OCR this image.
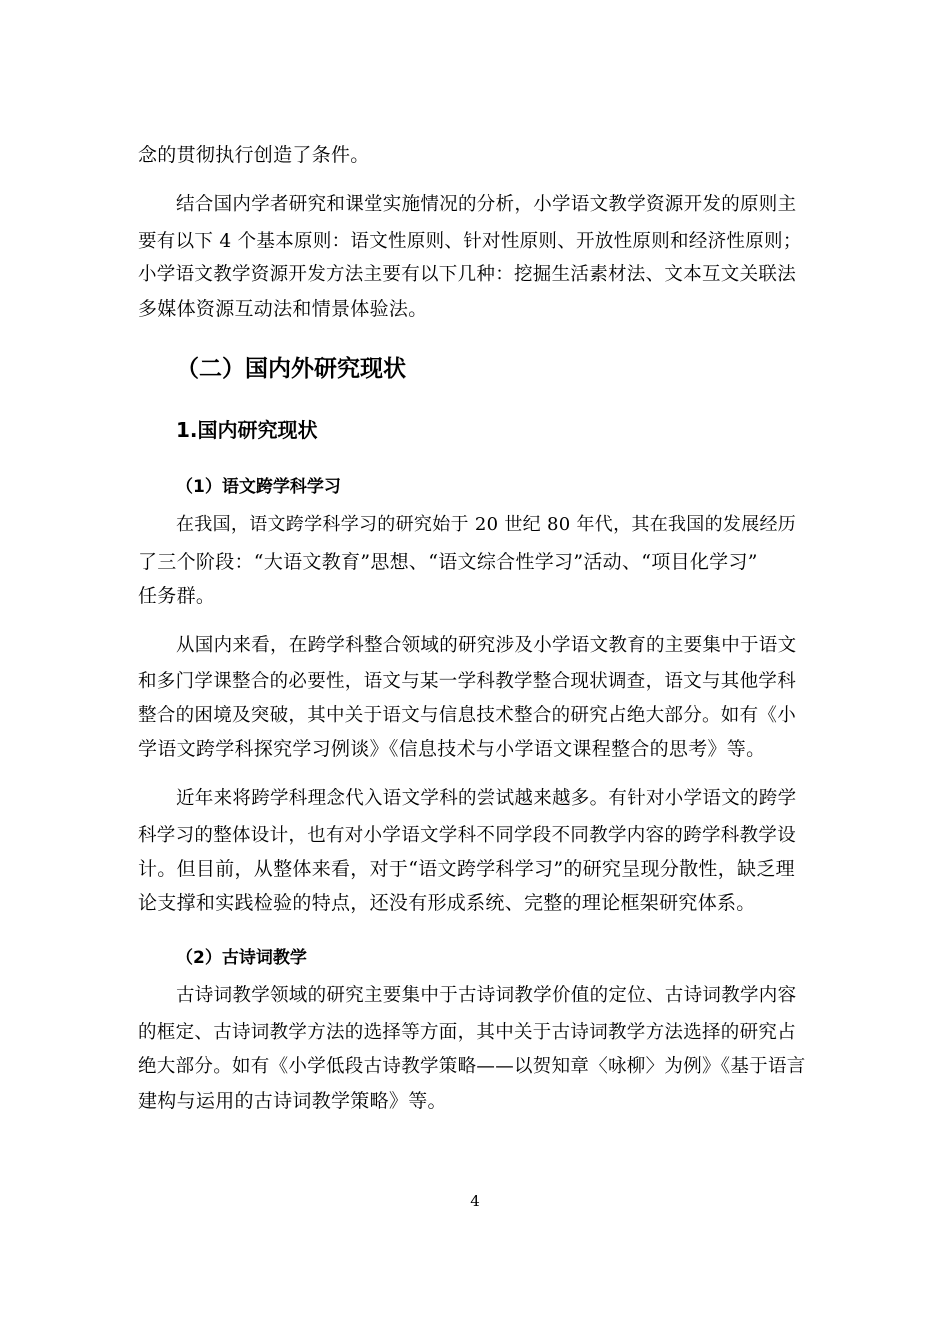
念的贯彻执行创造了条件。
结合国内学者研究和课堂实施情况的分析，小学语文教学资源开发的原则主
要有以下 4 个基本原则：语文性原则、针对性原则、开放性原则和经济性原则；
小学语文教学资源开发方法主要有以下几种：挖掘生活素材法、文本互文关联法
多媒体资源互动法和情景体验法。
（二）国内外研究现状
1.国内研究现状
（1）语文跨学科学习
在我国，语文跨学科学习的研究始于 20 世纪 80 年代，其在我国的发展经历
了三个阶段：“大语文教育”思想、“语文综合性学习”活动、“项目化学习”
任务群。
从国内来看，在跨学科整合领域的研究涉及小学语文教育的主要集中于语文
和多门学课整合的必要性，语文与某一学科教学整合现状调查，语文与其他学科
整合的困境及突破，其中关于语文与信息技术整合的研究占绝大部分。如有《小
学语文跨学科探究学习例谈》《信息技术与小学语文课程整合的思考》等。
近年来将跨学科理念代入语文学科的尝试越来越多。有针对小学语文的跨学
科学习的整体设计，也有对小学语文学科不同学段不同教学内容的跨学科教学设
计。但目前，从整体来看，对于“语文跨学科学习”的研究呈现分散性，缺乏理
论支撑和实践检验的特点，还没有形成系统、完整的理论框架研究体系。
（2）古诗词教学
古诗词教学领域的研究主要集中于古诗词教学价值的定位、古诗词教学内容
的框定、古诗词教学方法的选择等方面，其中关于古诗词教学方法选择的研究占
绝大部分。如有《小学低段古诗教学策略——以贺知章〈咏柳〉为例》《基于语言
建构与运用的古诗词教学策略》等。
4
